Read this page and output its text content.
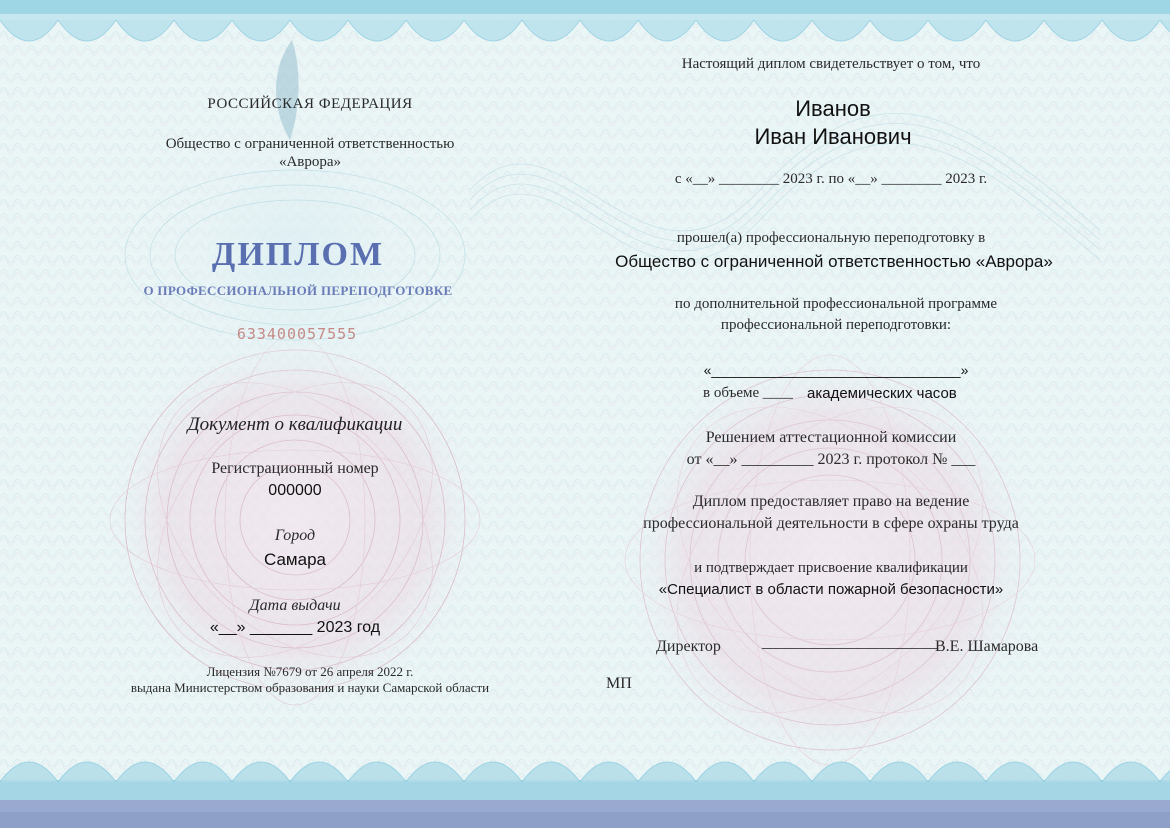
РОССИЙСКАЯ ФЕДЕРАЦИЯ
Общество с ограниченной ответственностью
«Аврора»
ДИПЛОМ
О ПРОФЕССИОНАЛЬНОЙ ПЕРЕПОДГОТОВКЕ
633400057555
Документ о квалификации
Регистрационный номер
000000
Город
Самара
Дата выдачи
«__» _______ 2023 год
Лицензия №7679 от 26 апреля 2022 г.
выдана Министерством образования и науки Самарской области
Настоящий диплом свидетельствует о том, что
Иванов
Иван Иванович
с «__» ________ 2023 г. по «__» ________ 2023 г.
прошел(а) профессиональную переподготовку в
Общество с ограниченной ответственностью «Аврора»
по дополнительной профессиональной программе
профессиональной переподготовки:
«________________________________»
в объеме ____ академических часов
Решением аттестационной комиссии
от «__» _________ 2023 г. протокол № ___
Диплом предоставляет право на ведение
профессиональной деятельности в сфере охраны труда
и подтверждает присвоение квалификации
«Специалист в области пожарной безопасности»
Директор	______________________
В.Е. Шамарова
МП
